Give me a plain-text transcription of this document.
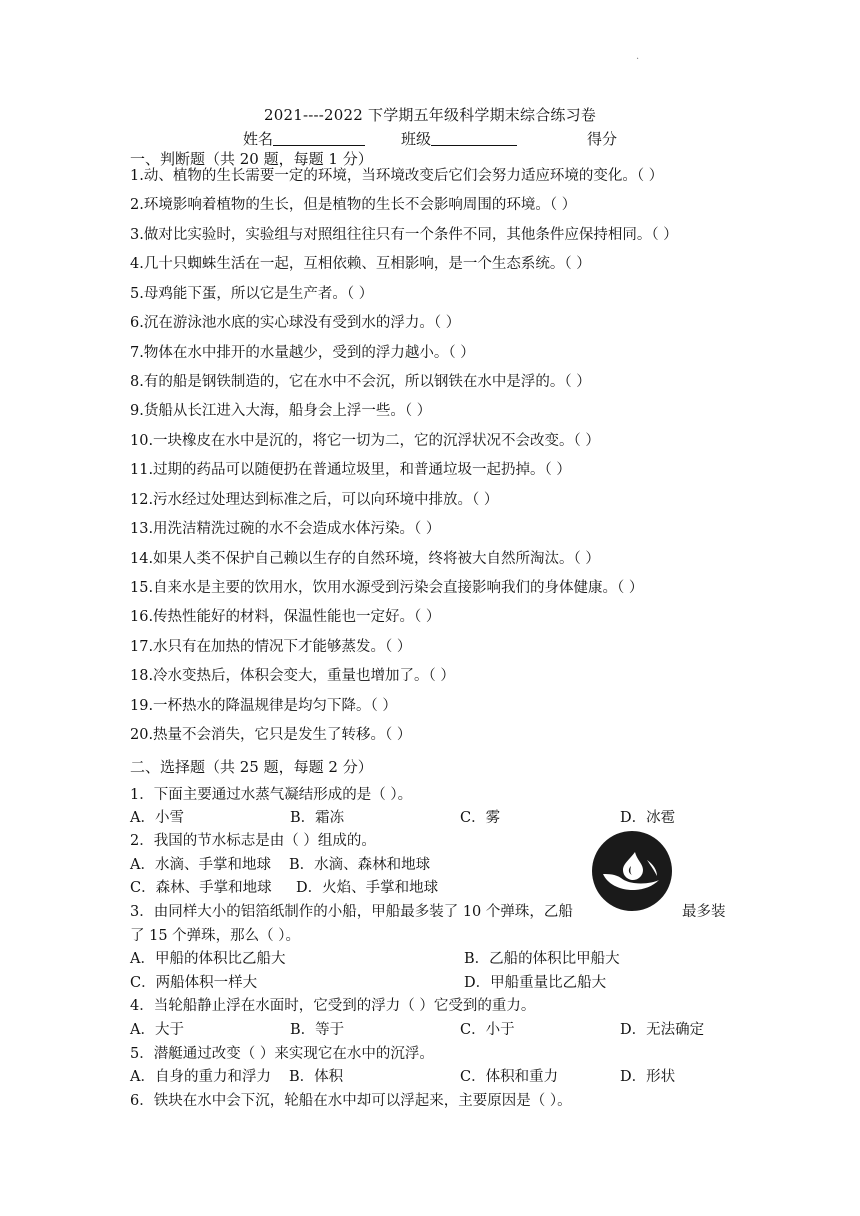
·
2021----2022 下学期五年级科学期末综合练习卷
姓名	班级	得分
一、判断题（共 20 题，每题 1 分）
1.动、植物的生长需要一定的环境，当环境改变后它们会努力适应环境的变化。（ ）
2.环境影响着植物的生长，但是植物的生长不会影响周围的环境。（ ）
3.做对比实验时，实验组与对照组往往只有一个条件不同，其他条件应保持相同。（ ）
4.几十只蜘蛛生活在一起，互相依赖、互相影响，是一个生态系统。（ ）
5.母鸡能下蛋，所以它是生产者。（ ）
6.沉在游泳池水底的实心球没有受到水的浮力。（ ）
7.物体在水中排开的水量越少，受到的浮力越小。（ ）
8.有的船是钢铁制造的，它在水中不会沉，所以钢铁在水中是浮的。（ ）
9.货船从长江进入大海，船身会上浮一些。（ ）
10.一块橡皮在水中是沉的，将它一切为二，它的沉浮状况不会改变。（ ）
11.过期的药品可以随便扔在普通垃圾里，和普通垃圾一起扔掉。（ ）
12.污水经过处理达到标准之后，可以向环境中排放。（ ）
13.用洗洁精洗过碗的水不会造成水体污染。（ ）
14.如果人类不保护自己赖以生存的自然环境，终将被大自然所淘汰。（ ）
15.自来水是主要的饮用水，饮用水源受到污染会直接影响我们的身体健康。（ ）
16.传热性能好的材料，保温性能也一定好。（ ）
17.水只有在加热的情况下才能够蒸发。（ ）
18.冷水变热后，体积会变大，重量也增加了。（ ）
19.一杯热水的降温规律是均匀下降。（ ）
20.热量不会消失，它只是发生了转移。（ ）
二、选择题（共 25 题，每题 2 分）
1．下面主要通过水蒸气凝结形成的是（ ）。
A．小雪	B．霜冻	C．雾	D．冰雹
2．我国的节水标志是由（ ）组成的。
A．水滴、手掌和地球 B．水滴、森林和地球
C．森林、手掌和地球 D．火焰、手掌和地球
3．由同样大小的铝箔纸制作的小船，甲船最多装了 10 个弹珠，乙船	最多装
了 15 个弹珠，那么（ ）。
A．甲船的体积比乙船大	B．乙船的体积比甲船大
C．两船体积一样大	D．甲船重量比乙船大
4．当轮船静止浮在水面时，它受到的浮力（ ）它受到的重力。
A．大于	B．等于	C．小于	D．无法确定
5．潜艇通过改变（ ）来实现它在水中的沉浮。
A．自身的重力和浮力 B．体积	C．体积和重力	D．形状
6．铁块在水中会下沉，轮船在水中却可以浮起来，主要原因是（ ）。
